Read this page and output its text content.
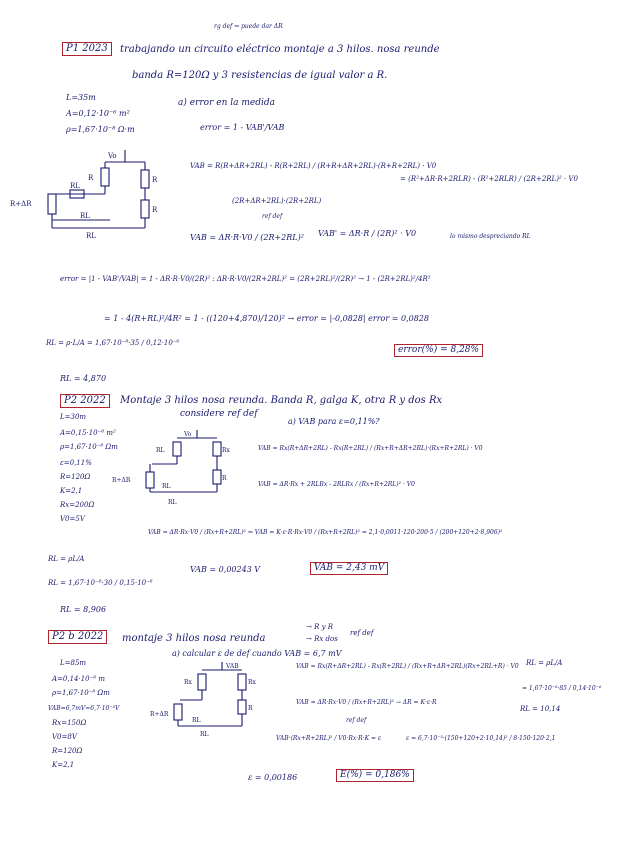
rg def ⇒ puede dar ΔR
P1 2023	trabajando un circuito eléctrico montaje a 3 hilos. nosa reunde
banda R=120Ω y 3 resistencias de igual valor a R.
L=35m
A=0,12·10⁻⁶ m²
ρ=1,67·10⁻⁸ Ω·m
a) error en la medida
error = 1 - VAB'/VAB
Vo
R	R
R
RL
R+ΔR
RL
RL
VAB = R(R+ΔR+2RL) - R(R+2RL) / (R+R+ΔR+2RL)·(R+R+2RL) · V0
= (R²+ΔR·R+2RLR) - (R²+2RLR) / (2R+2RL)² · V0
(2R+ΔR+2RL)·(2R+2RL)
ref def
VAB = ΔR·R·V0 / (2R+2RL)² VAB' = ΔR·R / (2R)² · V0	lo mismo despreciando RL
error = |1 - VAB'/VAB| = 1 - ΔR·R·V0/(2R)² : ΔR·R·V0/(2R+2RL)² = (2R+2RL)²/(2R)² → 1 - (2R+2RL)²/4R²
= 1 - 4(R+RL)²/4R² = 1 - ((120+4,870)/120)² → error = |-0,0828| error = 0,0828
RL = ρ·L/A = 1,67·10⁻⁸·35 / 0,12·10⁻⁶
RL = 4,870
error(%) = 8,28%
P2 2022	Montaje 3 hilos nosa reunda. Banda R, galga K, otra R y dos Rx
considere ref def
L=30m
A=0,15·10⁻⁶ m²
ρ=1,67·10⁻⁸ Ωm
ε=0,11%
R=120Ω
K=2,1
Rx=200Ω
V0=5V
a) VAB para ε=0,11%?
Vo
RL	Rx
R
R+ΔR
RL
RL
VAB = Rx(R+ΔR+2RL) - Rx(R+2RL) / (Rx+R+ΔR+2RL)·(Rx+R+2RL) · V0
VAB = ΔR·Rx + 2RLRx - 2RLRx / (Rx+R+2RL)² · V0
VAB = ΔR·Rx·V0 / (Rx+R+2RL)² ⇒ VAB = K·ε·R·Rx·V0 / (Rx+R+2RL)² = 2,1·0,0011·120·200·5 / (200+120+2·8,906)²
VAB = 0,00243 V	VAB = 2,43 mV
RL = ρL/A
RL = 1,67·10⁻⁸·30 / 0,15·10⁻⁶
RL = 8,906
P2 b 2022	montaje 3 hilos nosa reunda
→ R y R
→ Rx dos
ref def
a) calcular ε de def cuando VAB = 6,7 mV
L=85m
A=0,14·10⁻⁶ m
ρ=1,67·10⁻⁸ Ωm
VAB=6,7mV≈6,7·10⁻³V
Rx=150Ω
V0=8V
R=120Ω
K=2,1
VAB
Rx	Rx
R
R+ΔR
RL
RL
VAB = Rx(R+ΔR+2RL) - Rx(R+2RL) / (Rx+R+ΔR+2RL)(Rx+2RL+R) · V0
VAB = ΔR·Rx·V0 / (Rx+R+2RL)² → ΔR = K·ε·R
ref def
RL = ρL/A
= 1,67·10⁻⁸·85 / 0,14·10⁻⁶
RL = 10,14
VAB·(Rx+R+2RL)² / V0·Rx·R·K = ε	ε = 6,7·10⁻³·(150+120+2·10,14)² / 8·150·120·2,1
ε = 0,00186	E(%) = 0,186%
